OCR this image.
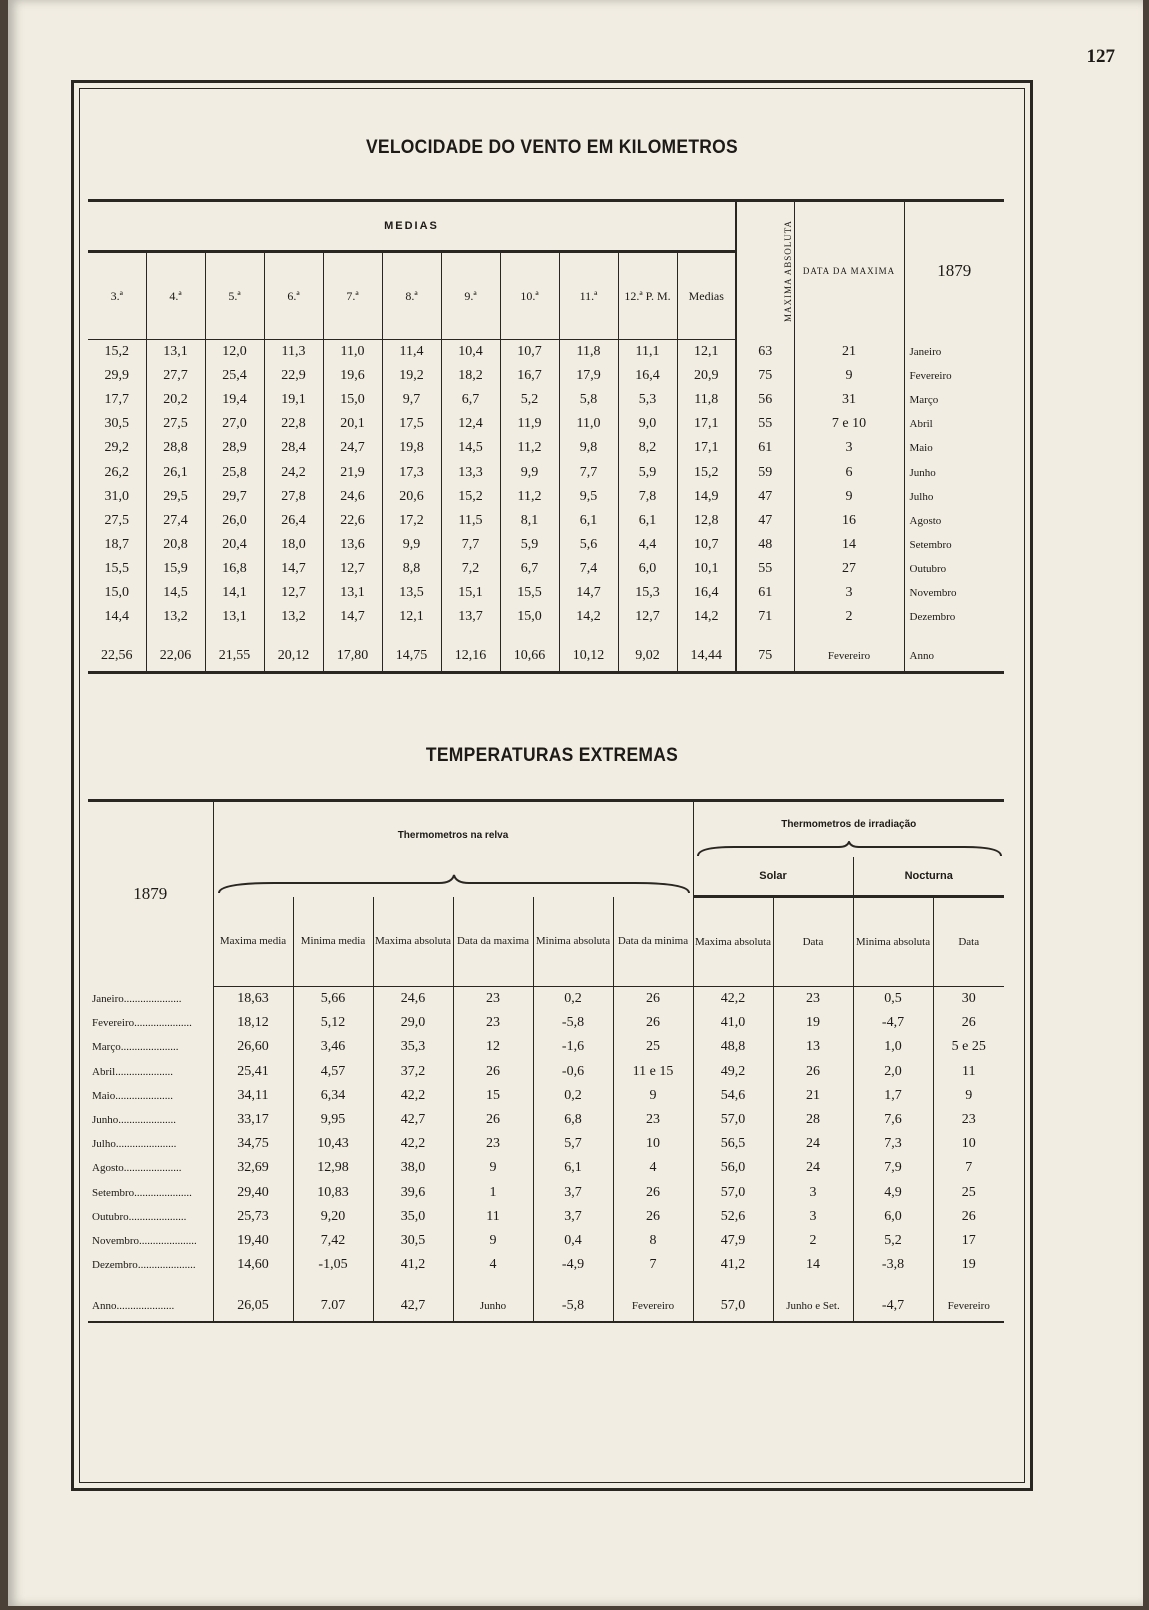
127
VELOCIDADE DO VENTO EM KILOMETROS

MEDIAS											MAXIMA ABSOLUTA	DATA DA MAXIMA	1879
3.ª	4.ª	5.ª	6.ª	7.ª	8.ª	9.ª	10.ª	11.ª	12.ª P. M.	Medias			
15,2	13,1	12,0	11,3	11,0	11,4	10,4	10,7	11,8	11,1	12,1	63	21	Janeiro
29,9	27,7	25,4	22,9	19,6	19,2	18,2	16,7	17,9	16,4	20,9	75	9	Fevereiro
17,7	20,2	19,4	19,1	15,0	9,7	6,7	5,2	5,8	5,3	11,8	56	31	Março
30,5	27,5	27,0	22,8	20,1	17,5	12,4	11,9	11,0	9,0	17,1	55	7 e 10	Abril
29,2	28,8	28,9	28,4	24,7	19,8	14,5	11,2	9,8	8,2	17,1	61	3	Maio
26,2	26,1	25,8	24,2	21,9	17,3	13,3	9,9	7,7	5,9	15,2	59	6	Junho
31,0	29,5	29,7	27,8	24,6	20,6	15,2	11,2	9,5	7,8	14,9	47	9	Julho
27,5	27,4	26,0	26,4	22,6	17,2	11,5	8,1	6,1	6,1	12,8	47	16	Agosto
18,7	20,8	20,4	18,0	13,6	9,9	7,7	5,9	5,6	4,4	10,7	48	14	Setembro
15,5	15,9	16,8	14,7	12,7	8,8	7,2	6,7	7,4	6,0	10,1	55	27	Outubro
15,0	14,5	14,1	12,7	13,1	13,5	15,1	15,5	14,7	15,3	16,4	61	3	Novembro
14,4	13,2	13,1	13,2	14,7	12,1	13,7	15,0	14,2	12,7	14,2	71	2	Dezembro

22,56	22,06	21,55	20,12	17,80	14,75	12,16	10,66	10,12	9,02	14,44	75	Fevereiro	Anno
TEMPERATURAS EXTREMAS

1879	Thermometros na relva						Thermometros de irradiação			

							Solar		Nocturna	
	Maxima media	Minima media	Maxima absoluta	Data da maxima	Minima absoluta	Data da minima	Maxima absoluta	Data	Minima absoluta	Data
Janeiro.....................	18,63	5,66	24,6	23	0,2	26	42,2	23	0,5	30
Fevereiro.....................	18,12	5,12	29,0	23	-5,8	26	41,0	19	-4,7	26
Março.....................	26,60	3,46	35,3	12	-1,6	25	48,8	13	1,0	5 e 25
Abril.....................	25,41	4,57	37,2	26	-0,6	11 e 15	49,2	26	2,0	11
Maio.....................	34,11	6,34	42,2	15	0,2	9	54,6	21	1,7	9
Junho.....................	33,17	9,95	42,7	26	6,8	23	57,0	28	7,6	23
Julho......................	34,75	10,43	42,2	23	5,7	10	56,5	24	7,3	10
Agosto.....................	32,69	12,98	38,0	9	6,1	4	56,0	24	7,9	7
Setembro.....................	29,40	10,83	39,6	1	3,7	26	57,0	3	4,9	25
Outubro.....................	25,73	9,20	35,0	11	3,7	26	52,6	3	6,0	26
Novembro.....................	19,40	7,42	30,5	9	0,4	8	47,9	2	5,2	17
Dezembro.....................	14,60	-1,05	41,2	4	-4,9	7	41,2	14	-3,8	19

Anno.....................	26,05	7.07	42,7	Junho	-5,8	Fevereiro	57,0	Junho e Set.	-4,7	Fevereiro
